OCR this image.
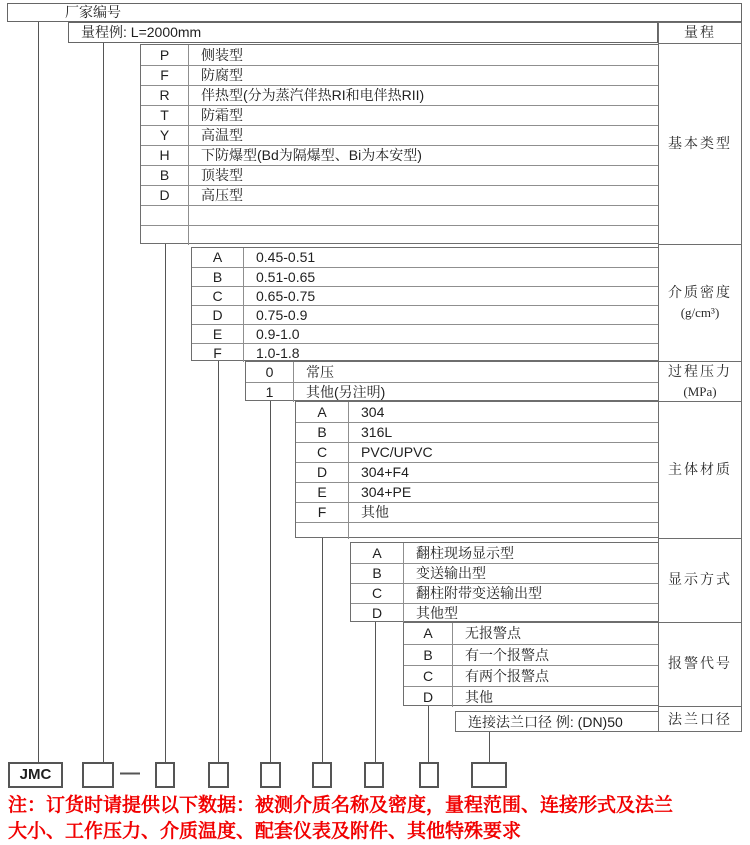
厂家编号
量程例: L=2000mm
P	侧装型
F	防腐型
R	伴热型(分为蒸汽伴热RI和电伴热RII)
T	防霜型
Y	高温型
H	下防爆型(Bd为隔爆型、Bi为本安型)
B	顶装型
D	高压型
A	0.45-0.51
B	0.51-0.65
C	0.65-0.75
D	0.75-0.9
E	0.9-1.0
F	1.0-1.8
0	常压
1	其他(另注明)
A	304
B	316L
C	PVC/UPVC
D	304+F4
E	304+PE
F	其他
A	翻柱现场显示型
B	变送输出型
C	翻柱附带变送输出型
D	其他型
A	无报警点
B	有一个报警点
C	有两个报警点
D	其他
连接法兰口径 例: (DN)50
量程
基本类型
介质密度
(g/cm³)
过程压力
(MPa)
主体材质
显示方式
报警代号
法兰口径
JMC	—
注：订货时请提供以下数据：被测介质名称及密度，量程范围、连接形式及法兰
大小、工作压力、介质温度、配套仪表及附件、其他特殊要求
